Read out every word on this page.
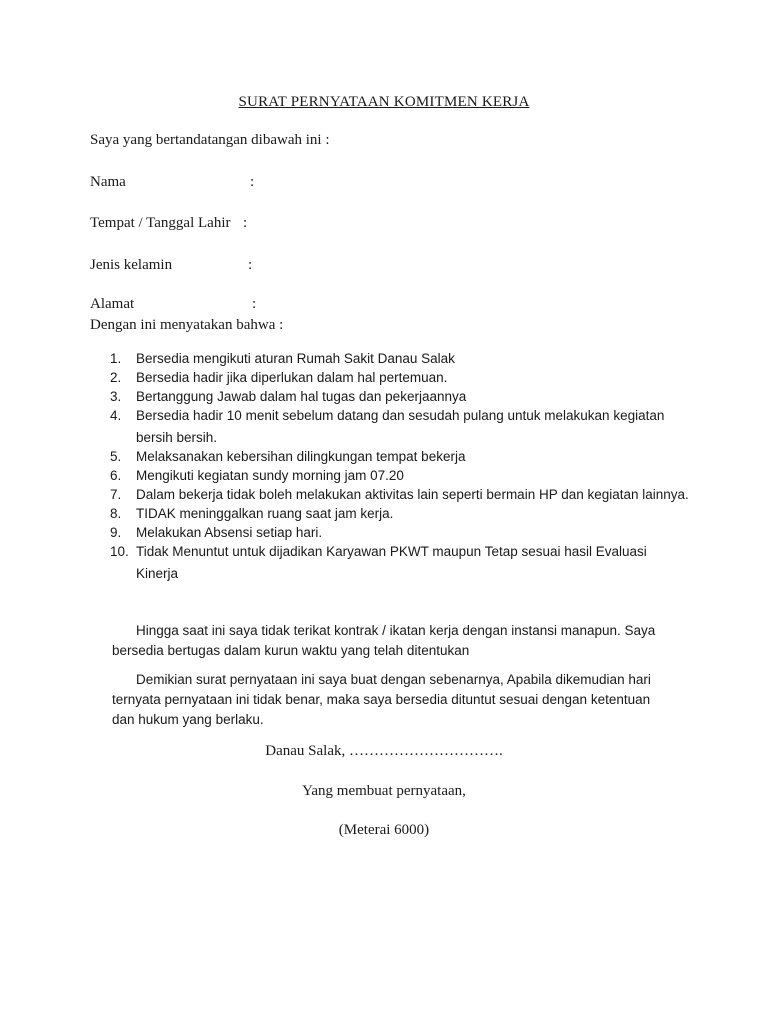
SURAT PERNYATAAN KOMITMEN KERJA
Saya yang bertandatangan dibawah ini :
Nama	:
Tempat / Tanggal Lahir :
Jenis kelamin	:
Alamat	:
Dengan ini menyatakan bahwa :
1.	Bersedia mengikuti aturan Rumah Sakit Danau Salak
2.	Bersedia hadir jika diperlukan dalam hal pertemuan.
3.	Bertanggung Jawab dalam hal tugas dan pekerjaannya
4.	Bersedia hadir 10 menit sebelum datang dan sesudah pulang untuk melakukan kegiatan bersih bersih.
5.	Melaksanakan kebersihan dilingkungan tempat bekerja
6.	Mengikuti kegiatan sundy morning jam 07.20
7.	Dalam bekerja tidak boleh melakukan aktivitas lain seperti bermain HP dan kegiatan lainnya.
8.	TIDAK meninggalkan ruang saat jam kerja.
9.	Melakukan Absensi setiap hari.
10. Tidak Menuntut untuk dijadikan Karyawan PKWT maupun Tetap sesuai hasil Evaluasi Kinerja
Hingga saat ini saya tidak terikat kontrak / ikatan kerja dengan instansi manapun. Saya bersedia bertugas dalam kurun waktu yang telah ditentukan
Demikian surat pernyataan ini saya buat dengan sebenarnya, Apabila dikemudian hari ternyata pernyataan ini tidak benar, maka saya bersedia dituntut sesuai dengan ketentuan dan hukum yang berlaku.
Danau Salak, ………………………….
Yang membuat pernyataan,
(Meterai 6000)
